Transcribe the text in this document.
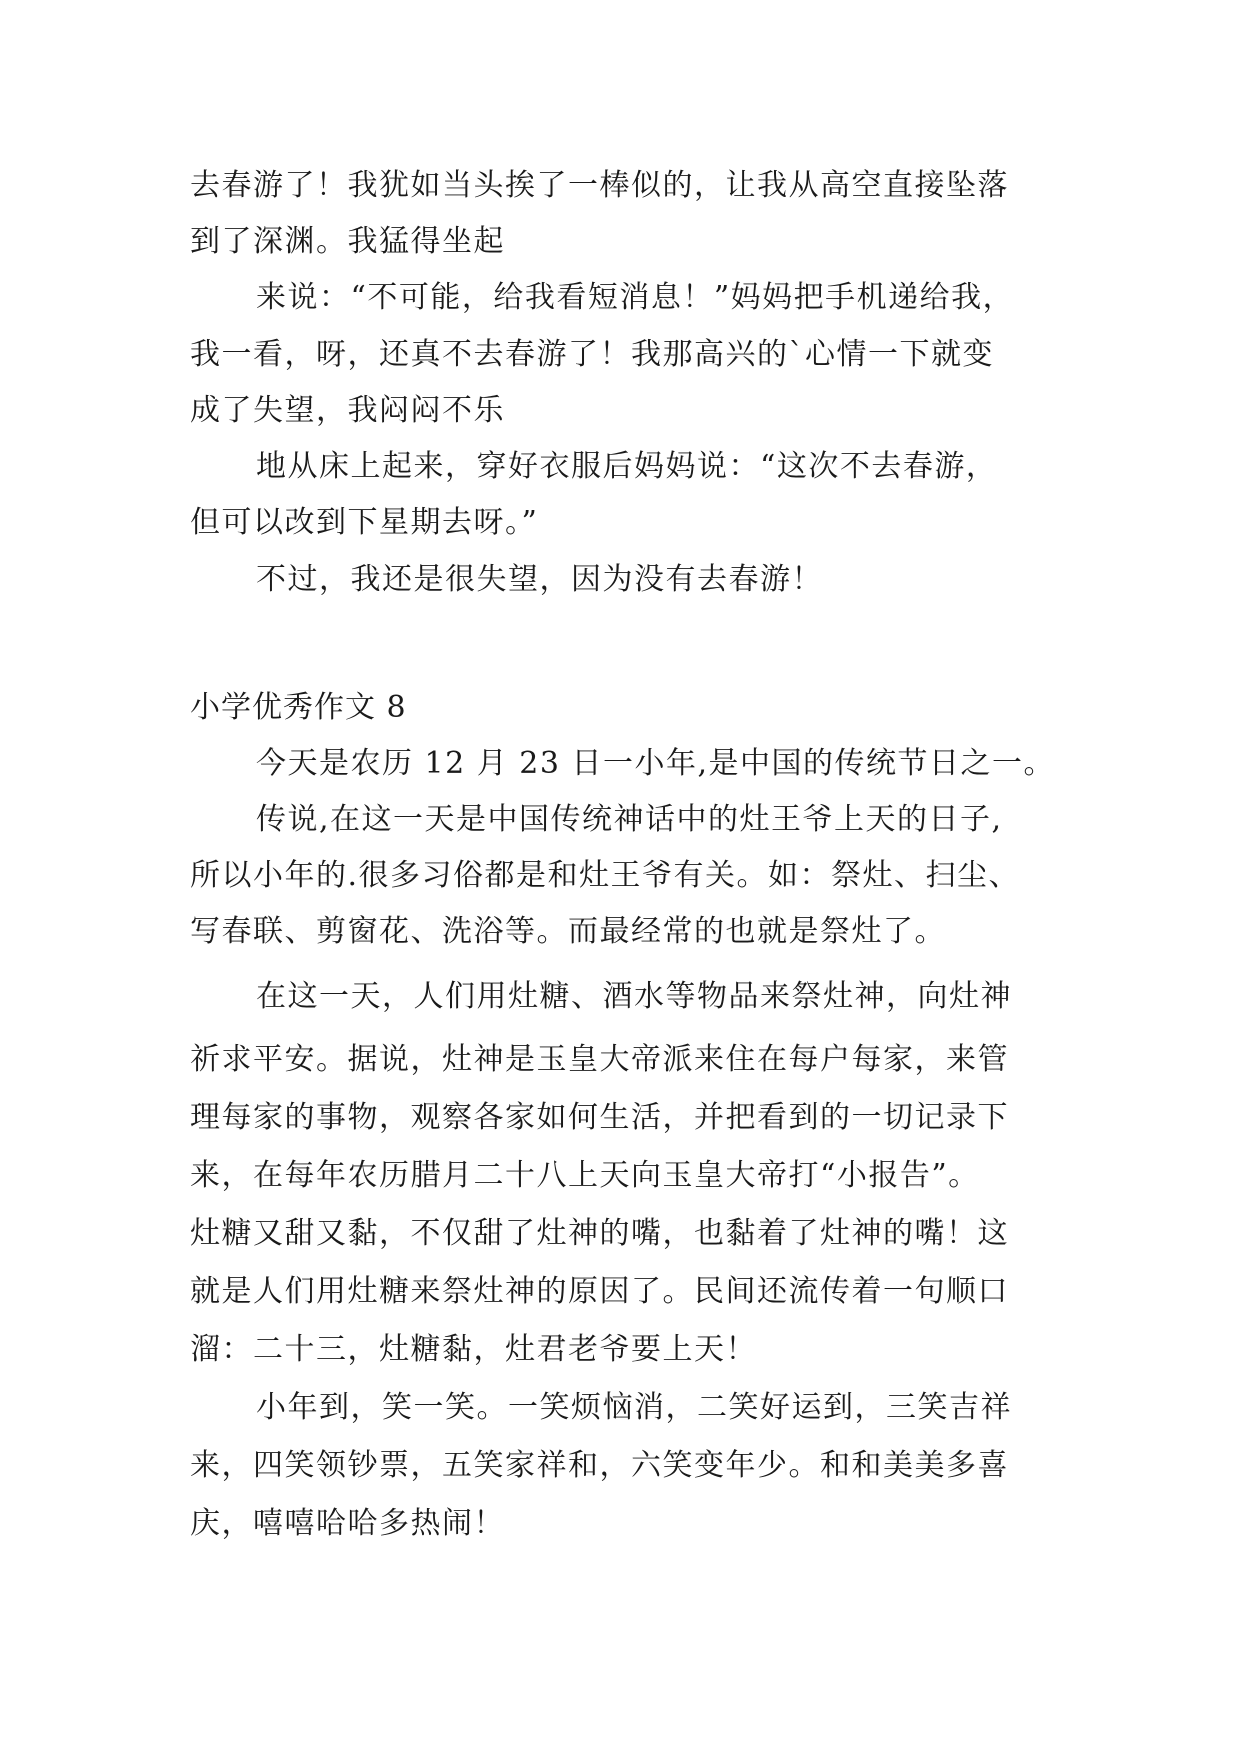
去春游了！我犹如当头挨了一棒似的，让我从高空直接坠落
到了深渊。我猛得坐起
来说：“不可能，给我看短消息！”妈妈把手机递给我，
我一看，呀，还真不去春游了！我那高兴的`心情一下就变
成了失望，我闷闷不乐
地从床上起来，穿好衣服后妈妈说：“这次不去春游，
但可以改到下星期去呀。”
不过，我还是很失望，因为没有去春游！
小学优秀作文 8
今天是农历 12 月 23 日一小年,是中国的传统节日之一。
传说,在这一天是中国传统神话中的灶王爷上天的日子,
所以小年的.很多习俗都是和灶王爷有关。如：祭灶、扫尘、
写春联、剪窗花、洗浴等。而最经常的也就是祭灶了。
在这一天，人们用灶糖、酒水等物品来祭灶神，向灶神
祈求平安。据说，灶神是玉皇大帝派来住在每户每家，来管
理每家的事物，观察各家如何生活，并把看到的一切记录下
来，在每年农历腊月二十八上天向玉皇大帝打“小报告”。
灶糖又甜又黏，不仅甜了灶神的嘴，也黏着了灶神的嘴！这
就是人们用灶糖来祭灶神的原因了。民间还流传着一句顺口
溜：二十三，灶糖黏，灶君老爷要上天！
小年到，笑一笑。一笑烦恼消，二笑好运到，三笑吉祥
来，四笑领钞票，五笑家祥和，六笑变年少。和和美美多喜
庆，嘻嘻哈哈多热闹！
